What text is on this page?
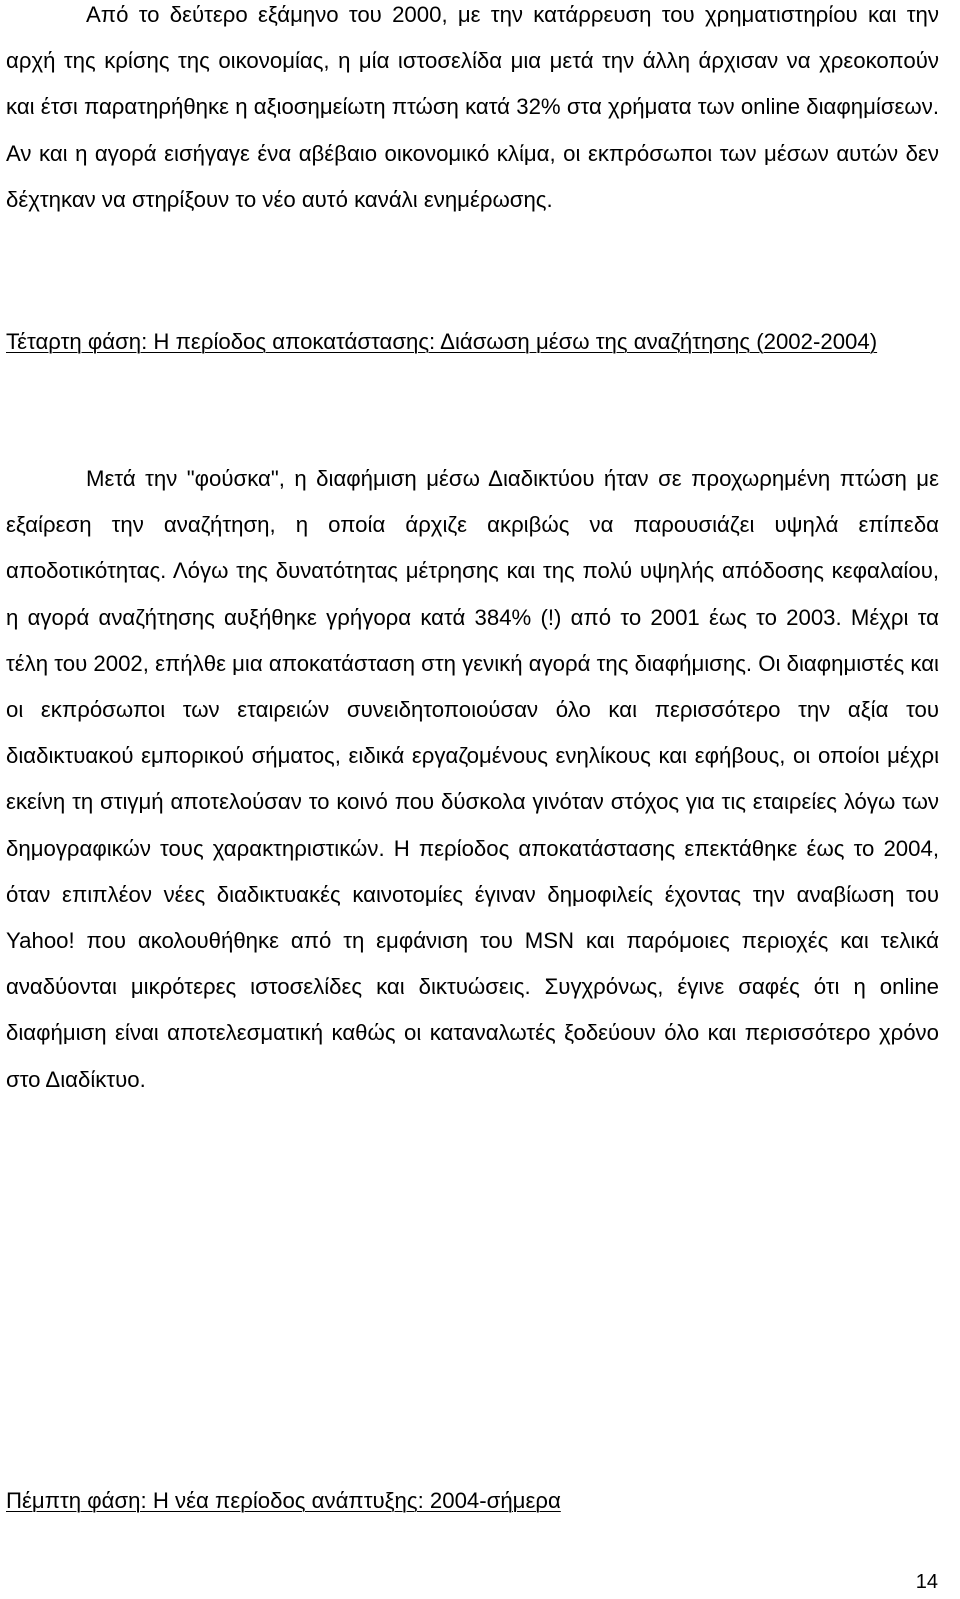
Από το δεύτερο εξάμηνο του 2000, με την κατάρρευση του χρηματιστηρίου και την αρχή της κρίσης της οικονομίας, η μία ιστοσελίδα μια μετά την άλλη άρχισαν να χρεοκοπούν και έτσι παρατηρήθηκε η αξιοσημείωτη πτώση κατά 32% στα χρήματα των online διαφημίσεων. Αν και η αγορά εισήγαγε ένα αβέβαιο οικονομικό κλίμα, οι εκπρόσωποι των μέσων αυτών δεν δέχτηκαν να στηρίξουν το νέο αυτό κανάλι ενημέρωσης.

Τέταρτη φάση: Η περίοδος αποκατάστασης: Διάσωση μέσω της αναζήτησης (2002-2004)

Μετά την "φούσκα", η διαφήμιση μέσω Διαδικτύου ήταν σε προχωρημένη πτώση με εξαίρεση την αναζήτηση, η οποία άρχιζε ακριβώς να παρουσιάζει υψηλά επίπεδα αποδοτικότητας. Λόγω της δυνατότητας μέτρησης και της πολύ υψηλής απόδοσης κεφαλαίου, η αγορά αναζήτησης αυξήθηκε γρήγορα κατά 384% (!) από το 2001 έως το 2003. Μέχρι τα τέλη του 2002, επήλθε μια αποκατάσταση στη γενική αγορά της διαφήμισης. Οι διαφημιστές και οι εκπρόσωποι των εταιρειών συνειδητοποιούσαν όλο και περισσότερο την αξία του διαδικτυακού εμπορικού σήματος, ειδικά εργαζομένους ενηλίκους και εφήβους, οι οποίοι μέχρι εκείνη τη στιγμή αποτελούσαν το κοινό που δύσκολα γινόταν στόχος για τις εταιρείες λόγω των δημογραφικών τους χαρακτηριστικών. Η περίοδος αποκατάστασης επεκτάθηκε έως το 2004, όταν επιπλέον νέες διαδικτυακές καινοτομίες έγιναν δημοφιλείς έχοντας την αναβίωση του Yahoo! που ακολουθήθηκε από τη εμφάνιση του MSN και παρόμοιες περιοχές και τελικά αναδύονται μικρότερες ιστοσελίδες και δικτυώσεις. Συγχρόνως, έγινε σαφές ότι η online διαφήμιση είναι αποτελεσματική καθώς οι καταναλωτές ξοδεύουν όλο και περισσότερο χρόνο στο Διαδίκτυο.

Πέμπτη φάση: Η νέα περίοδος ανάπτυξης: 2004-σήμερα

14
